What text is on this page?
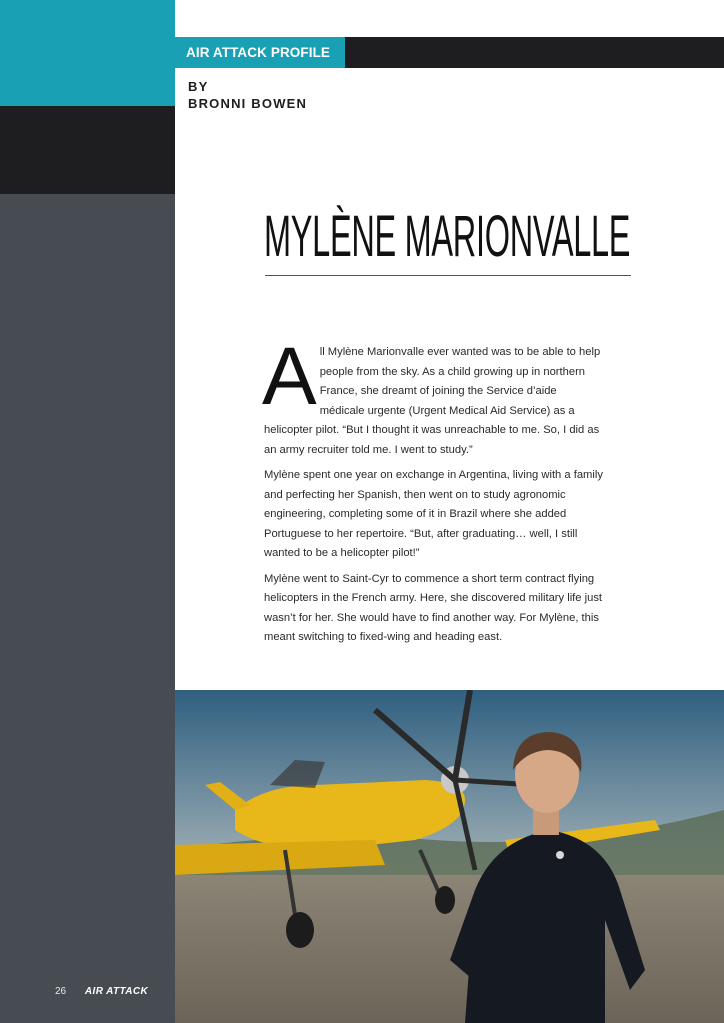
AIR ATTACK PROFILE
BY
BRONNI BOWEN
MYLÈNE MARIONVALLE

All Mylène Marionvalle ever wanted was to be able to help people from the sky. As a child growing up in northern France, she dreamt of joining the Service d’aide médicale urgente (Urgent Medical Aid Service) as a helicopter pilot. “But I thought it was unreachable to me. So, I did as an army recruiter told me. I went to study.”

Mylène spent one year on exchange in Argentina, living with a family and perfecting her Spanish, then went on to study agronomic engineering, completing some of it in Brazil where she added Portuguese to her repertoire. “But, after graduating… well, I still wanted to be a helicopter pilot!”

Mylène went to Saint-Cyr to commence a short term contract flying helicopters in the French army. Here, she discovered military life just wasn’t for her. She would have to find another way. For Mylène, this meant switching to fixed-wing and heading east.

26 AIR ATTACK
